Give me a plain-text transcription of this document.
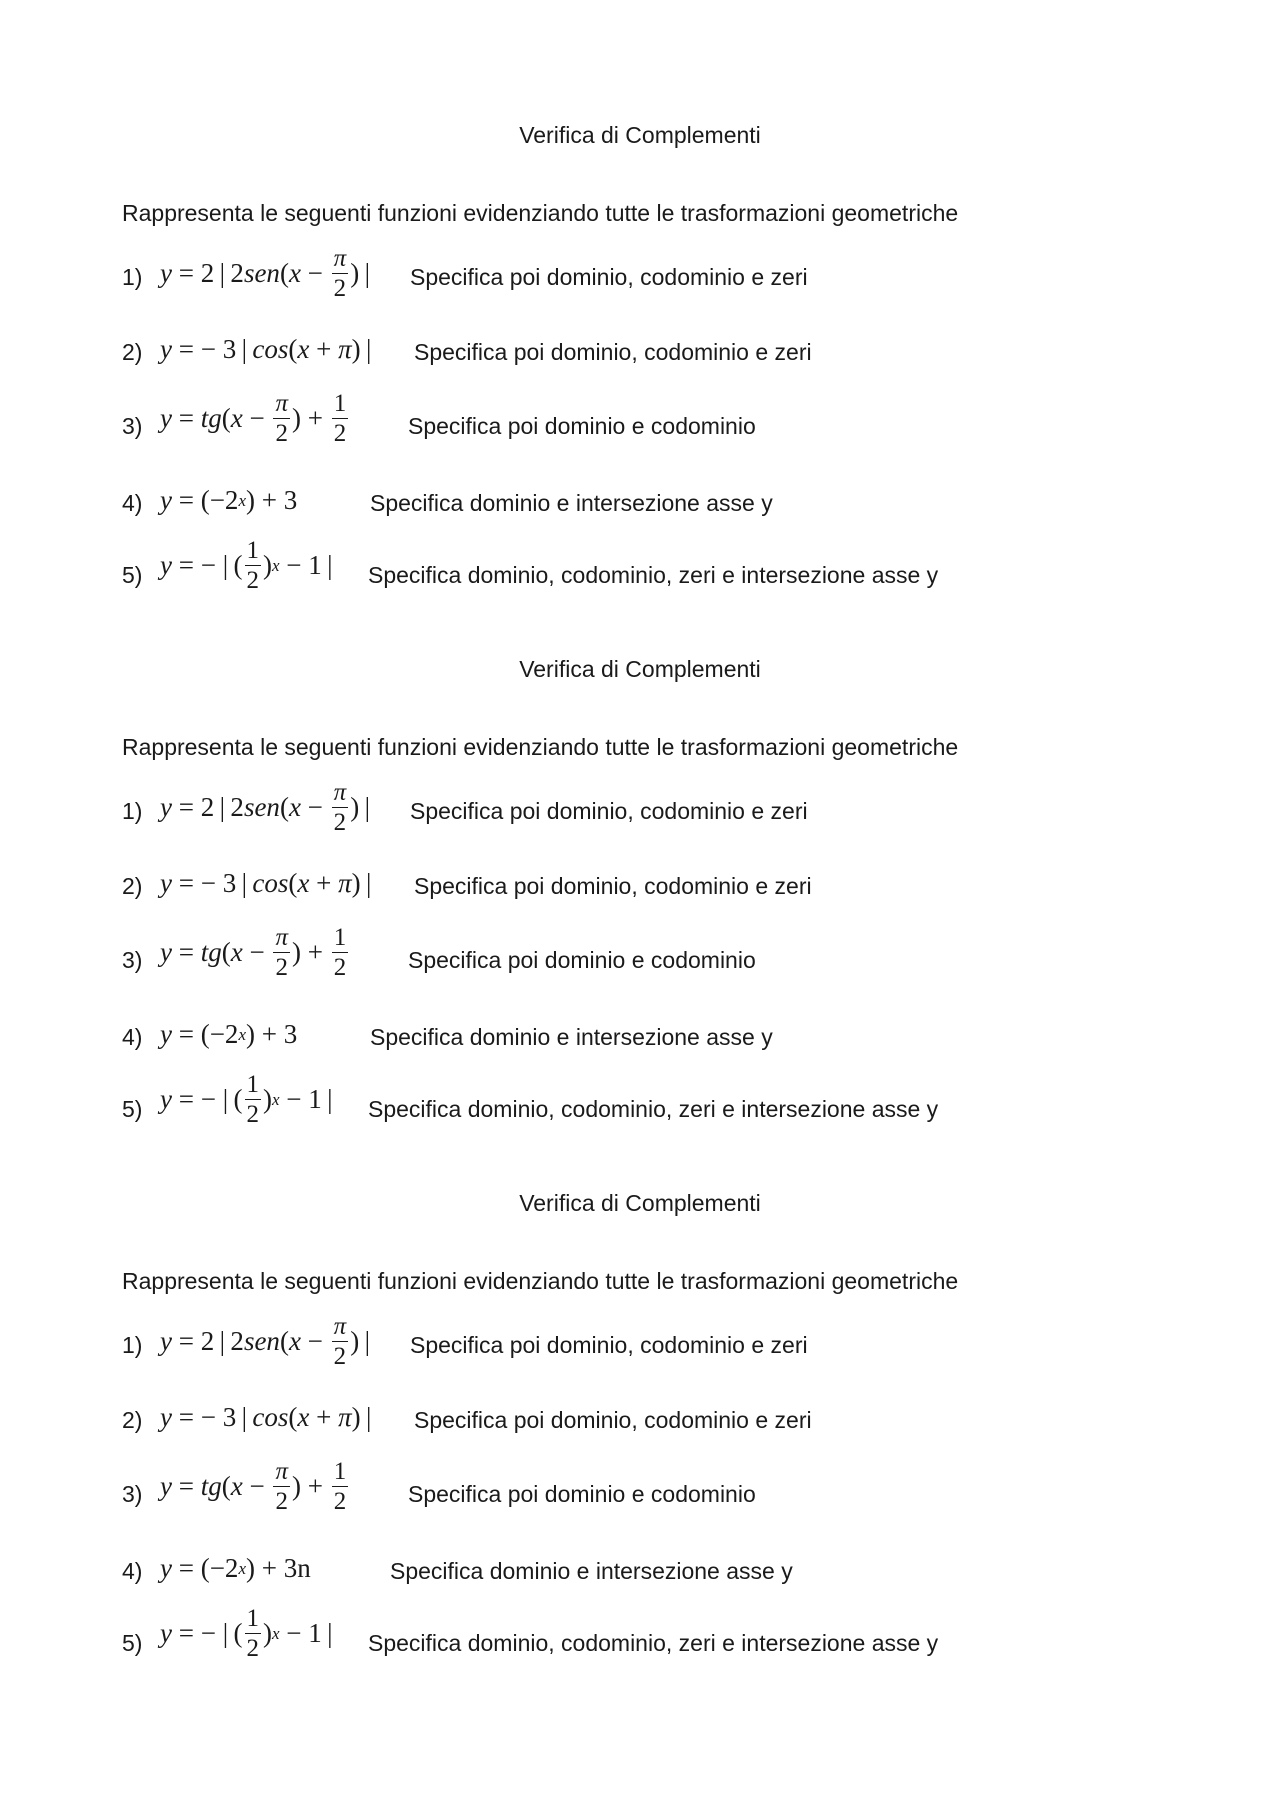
Verifica di Complementi
Rappresenta le seguenti funzioni evidenziando tutte le trasformazioni geometriche
1) y = 2 | 2 sen ( $x - \frac{\pi}{2}$ ) | Specifica poi dominio, codominio e zeri
2) y = − 3 |  cos ( x + π ) | Specifica poi dominio, codominio e zeri
3) y = tg ( $x - \frac{\pi}{2}$ ) + $\frac{1}{2}$	Specifica poi dominio e codominio
4) y = (−2 x ) + 3	Specifica dominio e intersezione asse y
5) y = − | ( $\frac{1}{2}$ ) x − 1 | Specifica dominio, codominio, zeri e intersezione asse y
Verifica di Complementi
Rappresenta le seguenti funzioni evidenziando tutte le trasformazioni geometriche
1) y = 2 | 2 sen ( $x - \frac{\pi}{2}$ ) | Specifica poi dominio, codominio e zeri
2) y = − 3 |  cos ( x + π ) | Specifica poi dominio, codominio e zeri
3) y = tg ( $x - \frac{\pi}{2}$ ) + $\frac{1}{2}$	Specifica poi dominio e codominio
4) y = (−2 x ) + 3	Specifica dominio e intersezione asse y
5) y = − | ( $\frac{1}{2}$ ) x − 1 | Specifica dominio, codominio, zeri e intersezione asse y
Verifica di Complementi
Rappresenta le seguenti funzioni evidenziando tutte le trasformazioni geometriche
1) y = 2 | 2 sen ( $x - \frac{\pi}{2}$ ) | Specifica poi dominio, codominio e zeri
2) y = − 3 |  cos ( x + π ) | Specifica poi dominio, codominio e zeri
3) y = tg ( $x - \frac{\pi}{2}$ ) + $\frac{1}{2}$	Specifica poi dominio e codominio
4) y = (−2 x ) + 3n	Specifica dominio e intersezione asse y
5) y = − | ( $\frac{1}{2}$ ) x − 1 | Specifica dominio, codominio, zeri e intersezione asse y
